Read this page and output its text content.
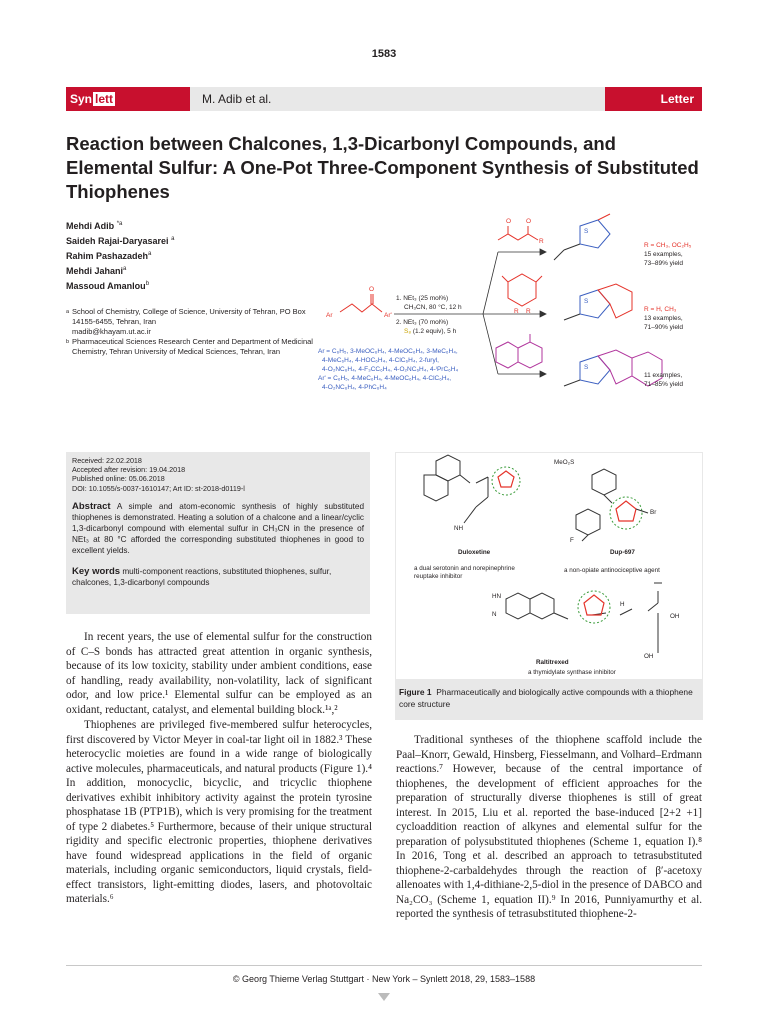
1583
Syn lett	M. Adib et al.	Letter
Reaction between Chalcones, 1,3-Dicarbonyl Compounds, and Elemental Sulfur: A One-Pot Three-Component Synthesis of Substituted Thiophenes
Mehdi Adib $^{*a}$
Saideh Rajai-Daryasarei $^a$
Rahim Pashazadeh$^a$
Mehdi Jahani$^a$
Massoud Amanlou$^b$
a School of Chemistry, College of Science, University of Tehran, PO Box 14155-6455, Tehran, Iran
madib@khayam.ut.ac.ir
b Pharmaceutical Sciences Research Center and Department of Medicinal Chemistry, Tehran University of Medical Sciences, Tehran, Iran
Ar	Ar'
O
O O
R
R R
1. NEt₃ (25 mol%)
CH₃CN, 80 °C, 12 h
2. NEt₃ (70 mol%)
S₈ (1.2 equiv), 5 h
Ar = C₆H₅, 3-MeOC₆H₄, 4-MeOC₆H₄, 3-MeC₆H₄,
4-MeC₆H₄, 4-HOC₆H₄, 4-ClC₆H₄, 2-furyl,
4-O₂NC₆H₄, 4-F₃CC₆H₄, 4-O₂NC₆H₄, 4-ⁱPrC₆H₄
Ar' = C₆H₅, 4-MeC₆H₄, 4-MeOC₆H₄, 4-ClC₆H₄,
4-O₂NC₆H₄, 4-PhC₆H₄
S
S
S
R = CH₃, OC₂H₅
15 examples,
73–89% yield
R = H, CH₃
13 examples,
71–90% yield
11 examples,
71–85% yield
Received: 22.02.2018
Accepted after revision: 19.04.2018
Published online: 05.06.2018
DOI: 10.1055/s-0037-1610147; Art ID: st-2018-d0119-l
Abstract A simple and atom-economic synthesis of highly substituted thiophenes is demonstrated. Heating a solution of a chalcone and a linear/cyclic 1,3-dicarbonyl compound with elemental sulfur in CH₃CN in the presence of NEt₃ at 80 °C afforded the corresponding substituted thiophenes in good to excellent yields.
Key words multi-component reactions, substituted thiophenes, sulfur, chalcones, 1,3-dicarbonyl compounds
NH
MeO₂S
Br
F
HN
N
H
OH
OH
Duloxetine
a dual serotonin and norepinephrine
reuptake inhibitor
Dup-697
a non-opiate antinociceptive agent
Raltitrexed
a thymidylate synthase inhibitor
Figure 1 Pharmaceutically and biologically active compounds with a thiophene core structure

In recent years, the use of elemental sulfur for the construction of C–S bonds has attracted great attention in organic synthesis, because of its low toxicity, stability under ambient conditions, ease of handling, ready availability, non-volatility, lack of significant odor, and low price.¹ Elemental sulfur can be employed as an oxidant, reductant, catalyst, and elemental building block.¹ᵃ,²

Thiophenes are privileged five-membered sulfur heterocycles, first discovered by Victor Meyer in coal-tar light oil in 1882.³ These heterocyclic moieties are found in a wide range of biologically active molecules, pharmaceuticals, and natural products (Figure 1).⁴ In addition, monocyclic, bicyclic, and tricyclic thiophene derivatives exhibit inhibitory activity against the protein tyrosine phosphatase 1B (PTP1B), which is very promising for the treatment of type 2 diabetes.⁵ Furthermore, because of their unique structural rigidity and specific electronic properties, thiophene derivatives have found widespread applications in the field of organic materials, including organic semiconductors, liquid crystals, field-effect transistors, light-emitting diodes, lasers, and photovoltaic materials.⁶

Traditional syntheses of the thiophene scaffold include the Paal–Knorr, Gewald, Hinsberg, Fiesselmann, and Volhard–Erdmann reactions.⁷ However, because of the central importance of thiophenes, the development of efficient approaches for the preparation of structurally diverse thiophenes is still of great interest. In 2015, Liu et al. reported the base-induced [2+2 +1] cycloaddition reaction of alkynes and elemental sulfur for the preparation of polysubstituted thiophenes (Scheme 1, equation I).⁸ In 2016, Tong et al. described an approach to tetrasubstituted thiophene-2-carbaldehydes through the reaction of β′-acetoxy allenoates with 1,4-dithiane-2,5-diol in the presence of DABCO and Na₂CO₃ (Scheme 1, equation II).⁹ In 2016, Punniyamurthy et al. reported the synthesis of tetrasubstituted thiophene-2-

© Georg Thieme Verlag Stuttgart · New York – Synlett 2018, 29, 1583–1588
